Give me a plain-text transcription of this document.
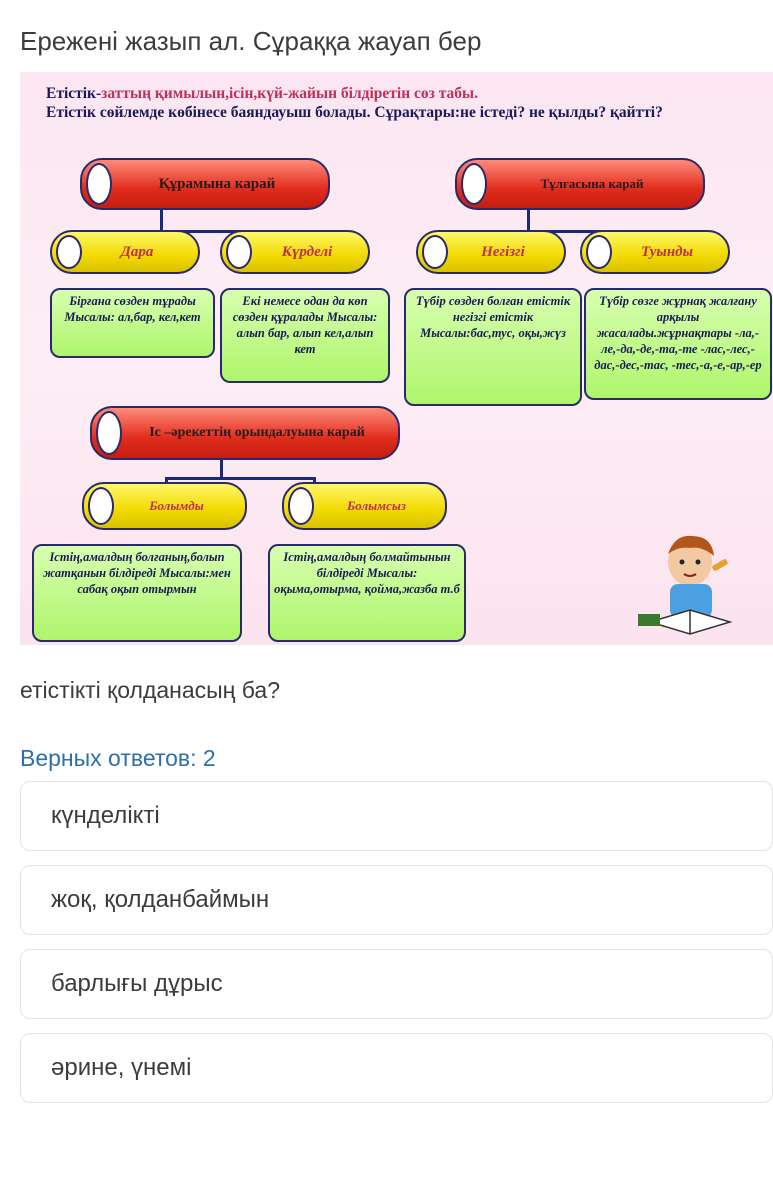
Ережені жазып ал. Сұраққа жауап бер
Етістік-заттың қимылын,ісін,күй-жайын білдіретін сөз табы.
Етістік сөйлемде көбінесе баяндауыш болады. Сұрақтары:не істеді? не қылды? қайтті?
Құрамына карай	Тұлғасына карай
Дара	Күрделі	Негізгі	Туынды
Бірғана сөзден тұрады Мысалы: ал,бар, кел,кет
Екі немесе одан да көп сөзден құралады Мысалы: алып бар, алып кел,алып кет
Түбір сөзден болған етістік негізгі етістік Мысалы:бас,тус, оқы,жүз
Түбір сөзге жұрнақ жалғану арқылы жасалады.жұрнақтары -ла,-ле,-да,-де,-та,-те -лас,-лес,-дас,-дес,-тас, -тес,-а,-е,-ар,-ер
Іс –әрекеттің орындалуына карай
Болымды	Болымсыз
Істің,амалдың болғаның,болып жатқанын білдіреді Мысалы:мен сабақ оқып отырмын
Істің,амалдың болмайтынын білдіреді Мысалы: оқыма,отырма, қойма,жазба т.б
етістікті қолданасың ба?
Верных ответов: 2
күнделікті
жоқ, қолданбаймын
барлығы дұрыс
әрине, үнемі
